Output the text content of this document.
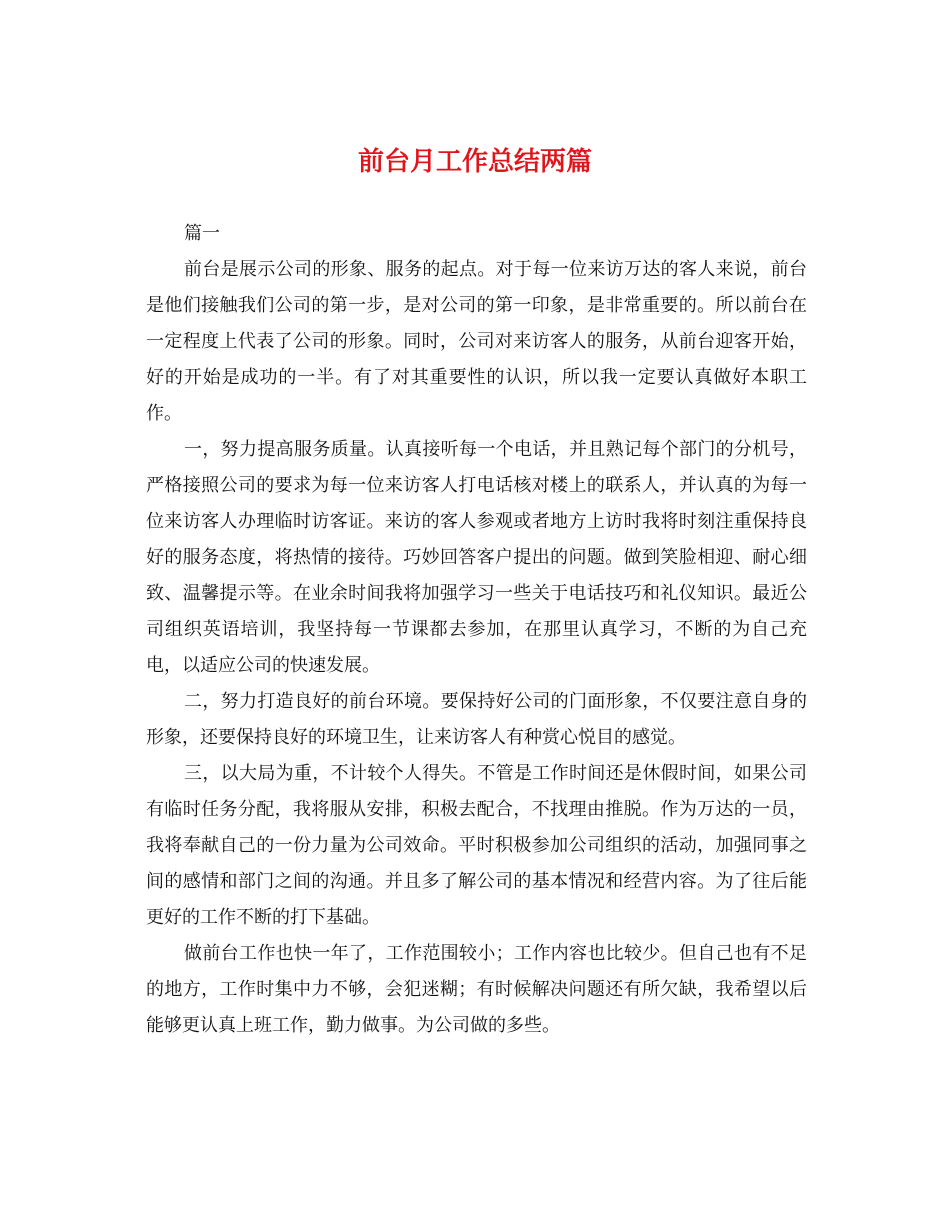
前台月工作总结两篇

篇一

前台是展示公司的形象、服务的起点。对于每一位来访万达的客人来说，前台是他们接触我们公司的第一步，是对公司的第一印象，是非常重要的。所以前台在一定程度上代表了公司的形象。同时，公司对来访客人的服务，从前台迎客开始，好的开始是成功的一半。有了对其重要性的认识，所以我一定要认真做好本职工作。

一，努力提高服务质量。认真接听每一个电话，并且熟记每个部门的分机号，严格接照公司的要求为每一位来访客人打电话核对楼上的联系人，并认真的为每一位来访客人办理临时访客证。来访的客人参观或者地方上访时我将时刻注重保持良好的服务态度，将热情的接待。巧妙回答客户提出的问题。做到笑脸相迎、耐心细致、温馨提示等。在业余时间我将加强学习一些关于电话技巧和礼仪知识。最近公司组织英语培训，我坚持每一节课都去参加，在那里认真学习，不断的为自己充电，以适应公司的快速发展。

二，努力打造良好的前台环境。要保持好公司的门面形象，不仅要注意自身的形象，还要保持良好的环境卫生，让来访客人有种赏心悦目的感觉。

三，以大局为重，不计较个人得失。不管是工作时间还是休假时间，如果公司有临时任务分配，我将服从安排，积极去配合，不找理由推脱。作为万达的一员，我将奉献自己的一份力量为公司效命。平时积极参加公司组织的活动，加强同事之间的感情和部门之间的沟通。并且多了解公司的基本情况和经营内容。为了往后能更好的工作不断的打下基础。

做前台工作也快一年了，工作范围较小；工作内容也比较少。但自己也有不足的地方，工作时集中力不够，会犯迷糊；有时候解决问题还有所欠缺，我希望以后能够更认真上班工作，勤力做事。为公司做的多些。
